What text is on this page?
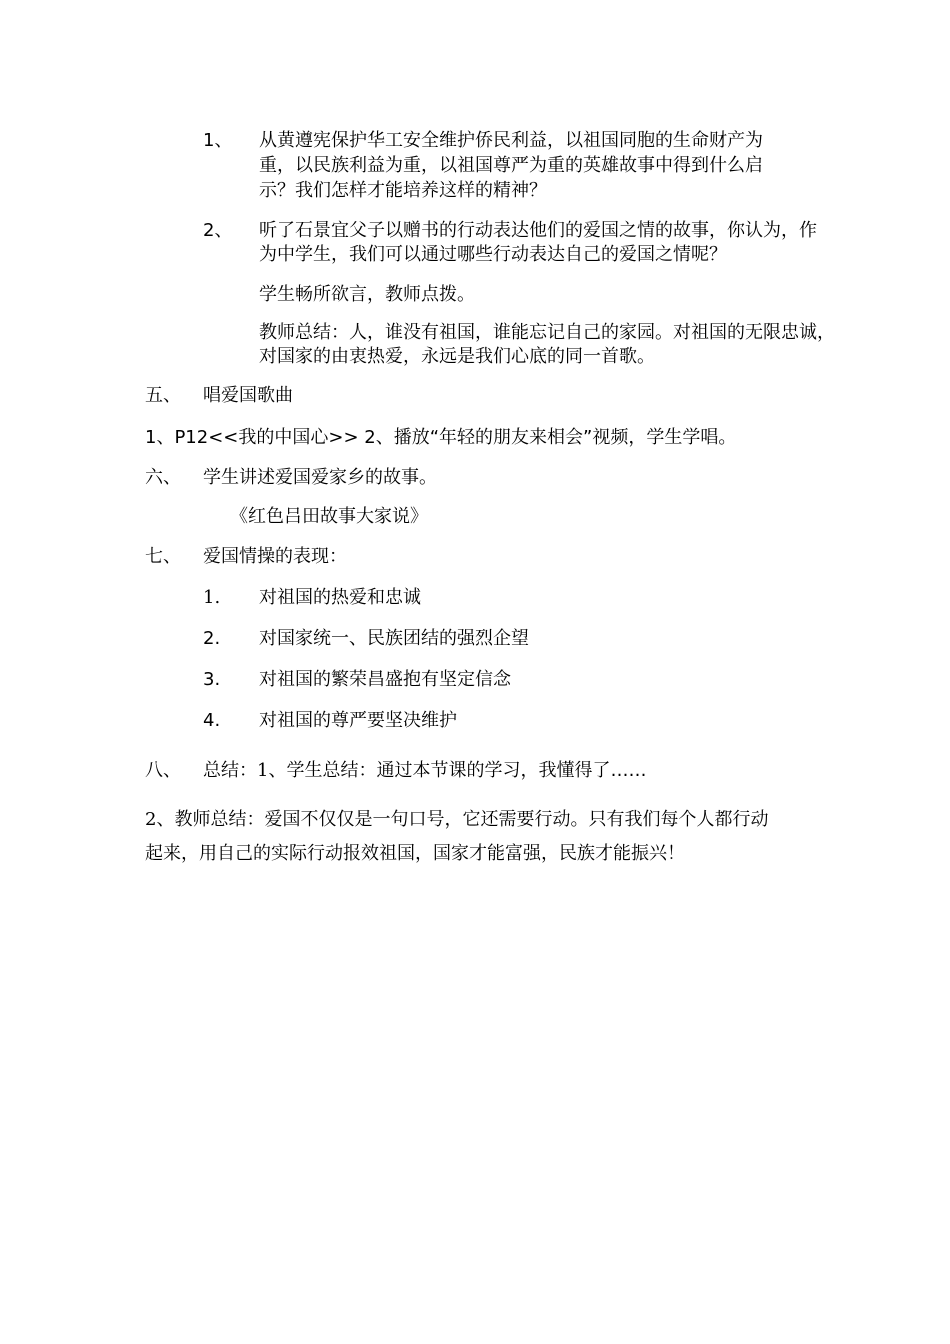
1、 从黄遵宪保护华工安全维护侨民利益，以祖国同胞的生命财产为
重，以民族利益为重，以祖国尊严为重的英雄故事中得到什么启
示？我们怎样才能培养这样的精神？
2、 听了石景宜父子以赠书的行动表达他们的爱国之情的故事，你认为，作
为中学生，我们可以通过哪些行动表达自己的爱国之情呢？
学生畅所欲言，教师点拨。
教师总结：人，谁没有祖国，谁能忘记自己的家园。对祖国的无限忠诚，
对国家的由衷热爱，永远是我们心底的同一首歌。
五、 唱爱国歌曲
1、P12<<我的中国心>> 2、播放“年轻的朋友来相会”视频，学生学唱。
六、 学生讲述爱国爱家乡的故事。
《红色吕田故事大家说》
七、 爱国情操的表现：
1. 对祖国的热爱和忠诚
2. 对国家统一、民族团结的强烈企望
3. 对祖国的繁荣昌盛抱有坚定信念
4. 对祖国的尊严要坚决维护
八、 总结：1、学生总结：通过本节课的学习，我懂得了……
2、教师总结：爱国不仅仅是一句口号，它还需要行动。只有我们每个人都行动
起来，用自己的实际行动报效祖国，国家才能富强，民族才能振兴！
